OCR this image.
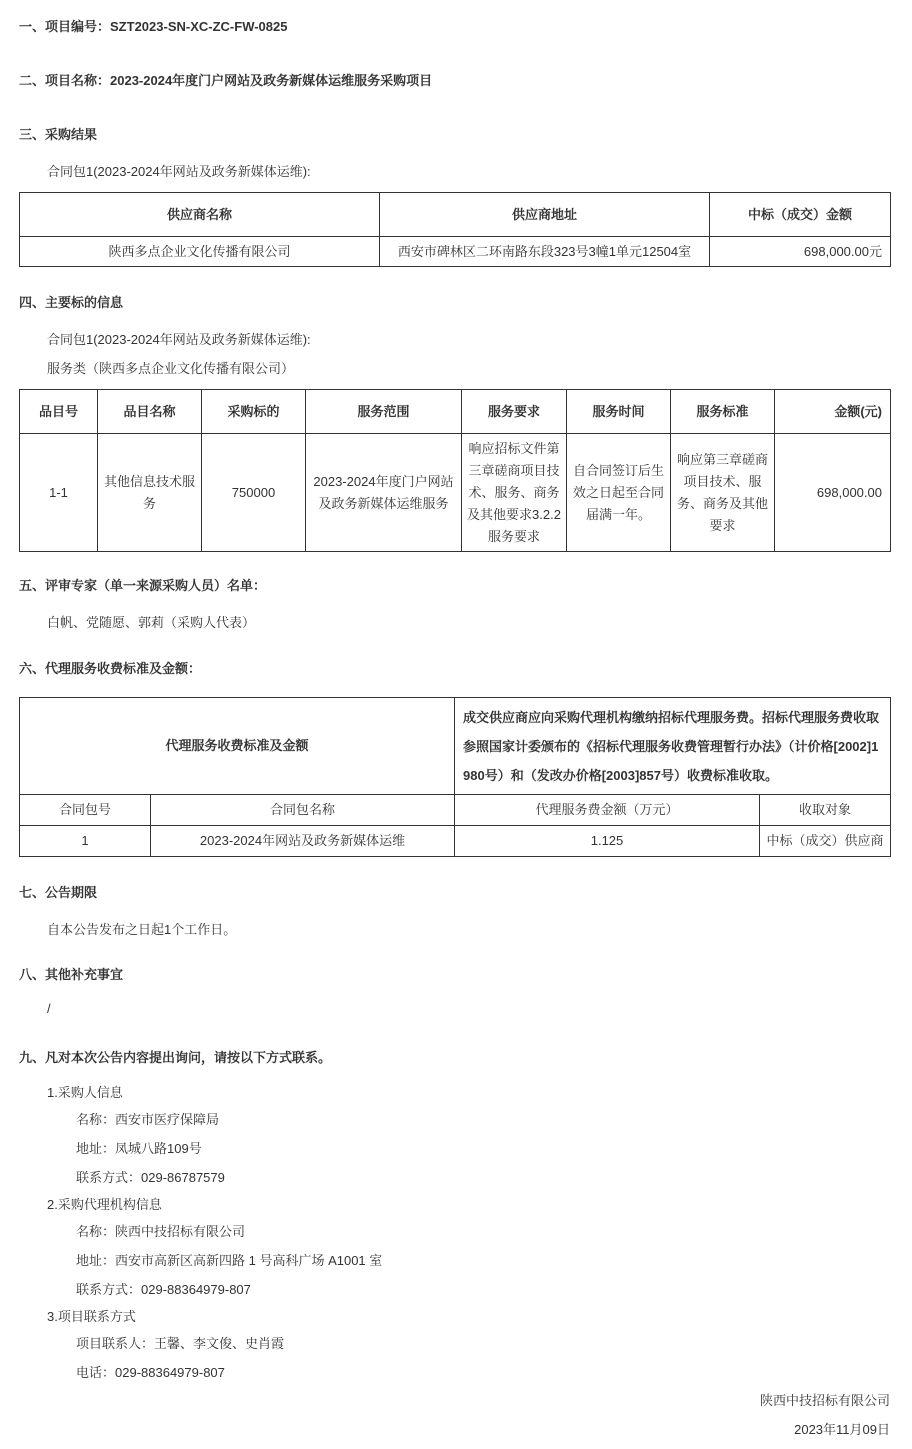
一、项目编号：SZT2023-SN-XC-ZC-FW-0825
二、项目名称：2023-2024年度门户网站及政务新媒体运维服务采购项目
三、采购结果
合同包1(2023-2024年网站及政务新媒体运维):
供应商名称	供应商地址	中标（成交）金额
陕西多点企业文化传播有限公司	西安市碑林区二环南路东段323号3幢1单元12504室	698,000.00元
四、主要标的信息
合同包1(2023-2024年网站及政务新媒体运维):
服务类（陕西多点企业文化传播有限公司）
品目号	品目名称	采购标的	服务范围	服务要求	服务时间	服务标准	金额(元)
1-1	其他信息技术服务	750000	2023-2024年度门户网站及政务新媒体运维服务	响应招标文件第三章磋商项目技术、服务、商务及其他要求3.2.2服务要求	自合同签订后生效之日起至合同届满一年。	响应第三章磋商项目技术、服务、商务及其他要求	698,000.00
五、评审专家（单一来源采购人员）名单：
白帆、党随愿、郭莉（采购人代表）
六、代理服务收费标准及金额：
代理服务收费标准及金额		成交供应商应向采购代理机构缴纳招标代理服务费。招标代理服务费收取参照国家计委颁布的《招标代理服务收费管理暂行办法》（计价格[2002]1980号）和（发改办价格[2003]857号）收费标准收取。	
合同包号	合同包名称	代理服务费金额（万元）	收取对象
1	2023-2024年网站及政务新媒体运维	1.125	中标（成交）供应商
七、公告期限
自本公告发布之日起1个工作日。
八、其他补充事宜
/
九、凡对本次公告内容提出询问，请按以下方式联系。
1.采购人信息
名称：西安市医疗保障局
地址：凤城八路109号
联系方式：029-86787579
2.采购代理机构信息
名称：陕西中技招标有限公司
地址：西安市高新区高新四路 1 号高科广场 A1001 室
联系方式：029-88364979-807
3.项目联系方式
项目联系人：王馨、李文俊、史肖霞
电话：029-88364979-807
陕西中技招标有限公司
2023年11月09日
